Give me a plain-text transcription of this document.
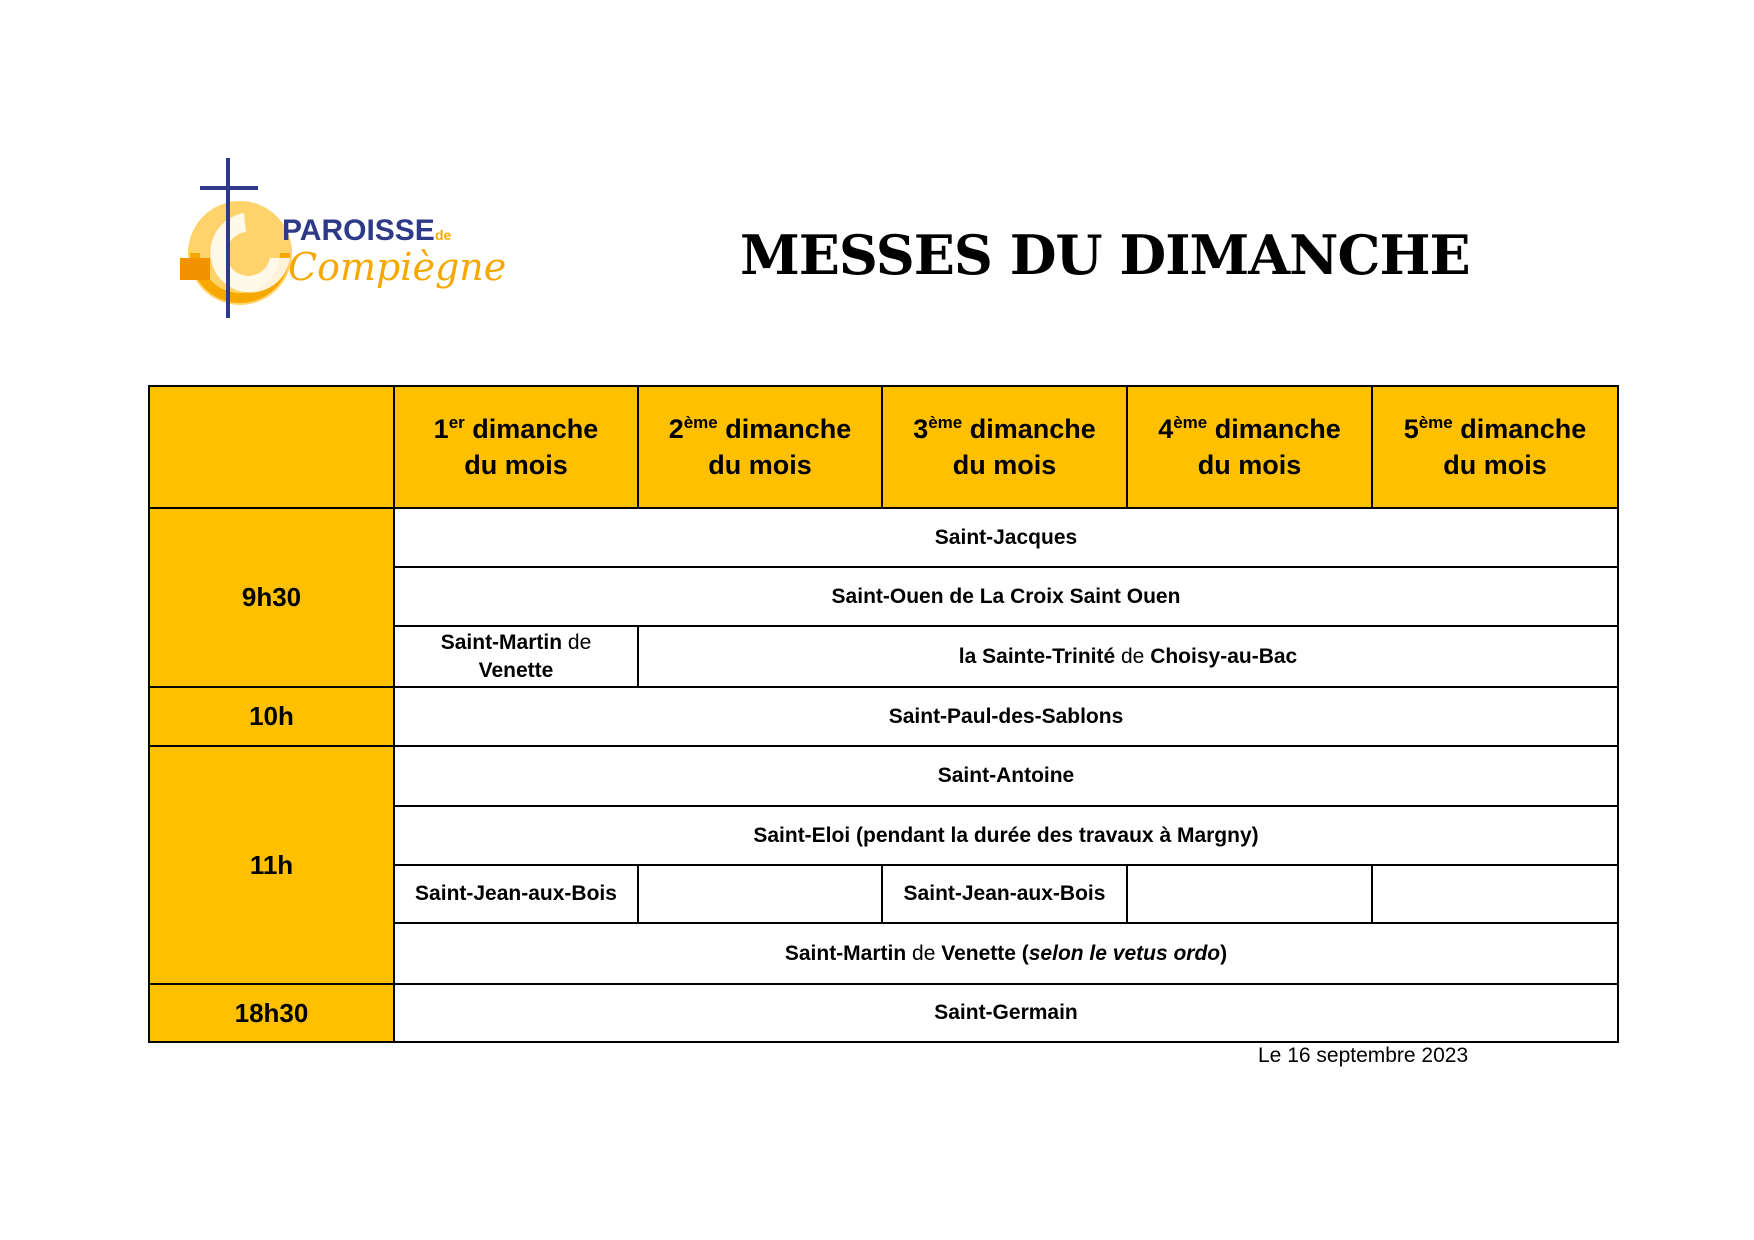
PAROISSE de
Compiègne	MESSES DU DIMANCHE
	1er dimanche
du mois	2ème dimanche
du mois	3ème dimanche
du mois	4ème dimanche
du mois	5ème dimanche
du mois
9h30	Saint-Jacques				
	Saint-Ouen de La Croix Saint Ouen				
	Saint-Martin de
Venette	la Sainte-Trinité de Choisy-au-Bac			
10h	Saint-Paul-des-Sablons				
11h	Saint-Antoine				
	Saint-Eloi (pendant la durée des travaux à Margny)				
	Saint-Jean-aux-Bois		Saint-Jean-aux-Bois		
	Saint-Martin de Venette (selon le vetus ordo)				
18h30	Saint-Germain				
Le 16 septembre 2023
